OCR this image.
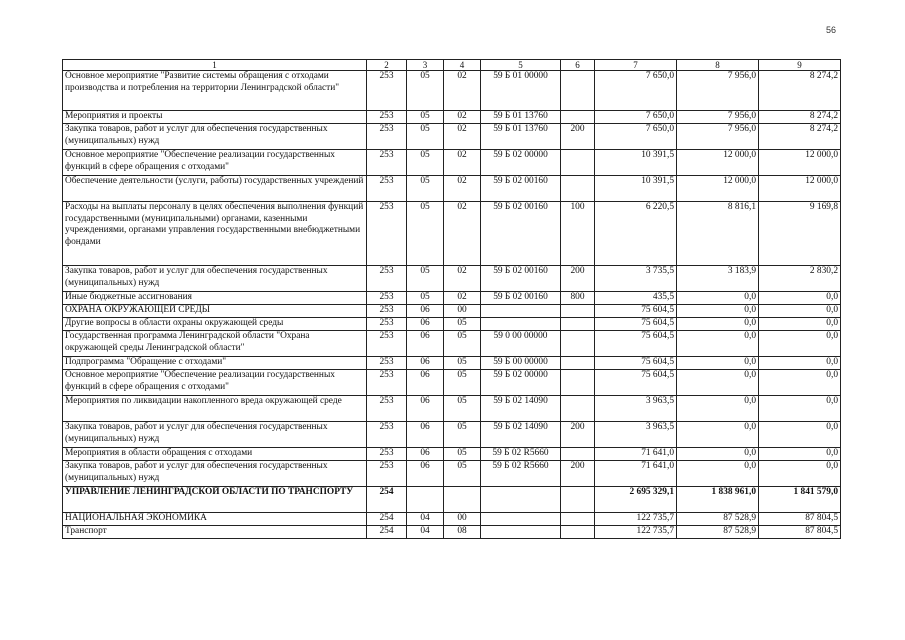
56
1	2	3	4	5	6	7	8	9
Основное мероприятие "Развитие системы обращения с отходами производства и потребления на территории Ленинградской области"	253	05	02	59 Б 01 00000		7 650,0	7 956,0	8 274,2
Мероприятия и проекты	253	05	02	59 Б 01 13760		7 650,0	7 956,0	8 274,2
Закупка товаров, работ и услуг для обеспечения государственных (муниципальных) нужд	253	05	02	59 Б 01 13760	200	7 650,0	7 956,0	8 274,2
Основное мероприятие "Обеспечение реализации государственных функций в сфере обращения с отходами"	253	05	02	59 Б 02 00000		10 391,5	12 000,0	12 000,0
Обеспечение деятельности (услуги, работы) государственных учреждений	253	05	02	59 Б 02 00160		10 391,5	12 000,0	12 000,0
Расходы на выплаты персоналу в целях обеспечения выполнения функций государственными (муниципальными) органами, казенными учреждениями, органами управления государственными внебюджетными фондами	253	05	02	59 Б 02 00160	100	6 220,5	8 816,1	9 169,8
Закупка товаров, работ и услуг для обеспечения государственных (муниципальных) нужд	253	05	02	59 Б 02 00160	200	3 735,5	3 183,9	2 830,2
Иные бюджетные ассигнования	253	05	02	59 Б 02 00160	800	435,5	0,0	0,0
ОХРАНА ОКРУЖАЮЩЕЙ СРЕДЫ	253	06	00			75 604,5	0,0	0,0
Другие вопросы в области охраны окружающей среды	253	06	05			75 604,5	0,0	0,0
Государственная программа Ленинградской области "Охрана окружающей среды Ленинградской области"	253	06	05	59 0 00 00000		75 604,5	0,0	0,0
Подпрограмма "Обращение с отходами"	253	06	05	59 Б 00 00000		75 604,5	0,0	0,0
Основное мероприятие "Обеспечение реализации государственных функций в сфере обращения с отходами"	253	06	05	59 Б 02 00000		75 604,5	0,0	0,0
Мероприятия по ликвидации накопленного вреда окружающей среде	253	06	05	59 Б 02 14090		3 963,5	0,0	0,0
Закупка товаров, работ и услуг для обеспечения государственных (муниципальных) нужд	253	06	05	59 Б 02 14090	200	3 963,5	0,0	0,0
Мероприятия в области обращения с отходами	253	06	05	59 Б 02 R5660		71 641,0	0,0	0,0
Закупка товаров, работ и услуг для обеспечения государственных (муниципальных) нужд	253	06	05	59 Б 02 R5660	200	71 641,0	0,0	0,0
УПРАВЛЕНИЕ ЛЕНИНГРАДСКОЙ ОБЛАСТИ ПО ТРАНСПОРТУ	254					2 695 329,1	1 838 961,0	1 841 579,0
НАЦИОНАЛЬНАЯ ЭКОНОМИКА	254	04	00			122 735,7	87 528,9	87 804,5
Транспорт	254	04	08			122 735,7	87 528,9	87 804,5
